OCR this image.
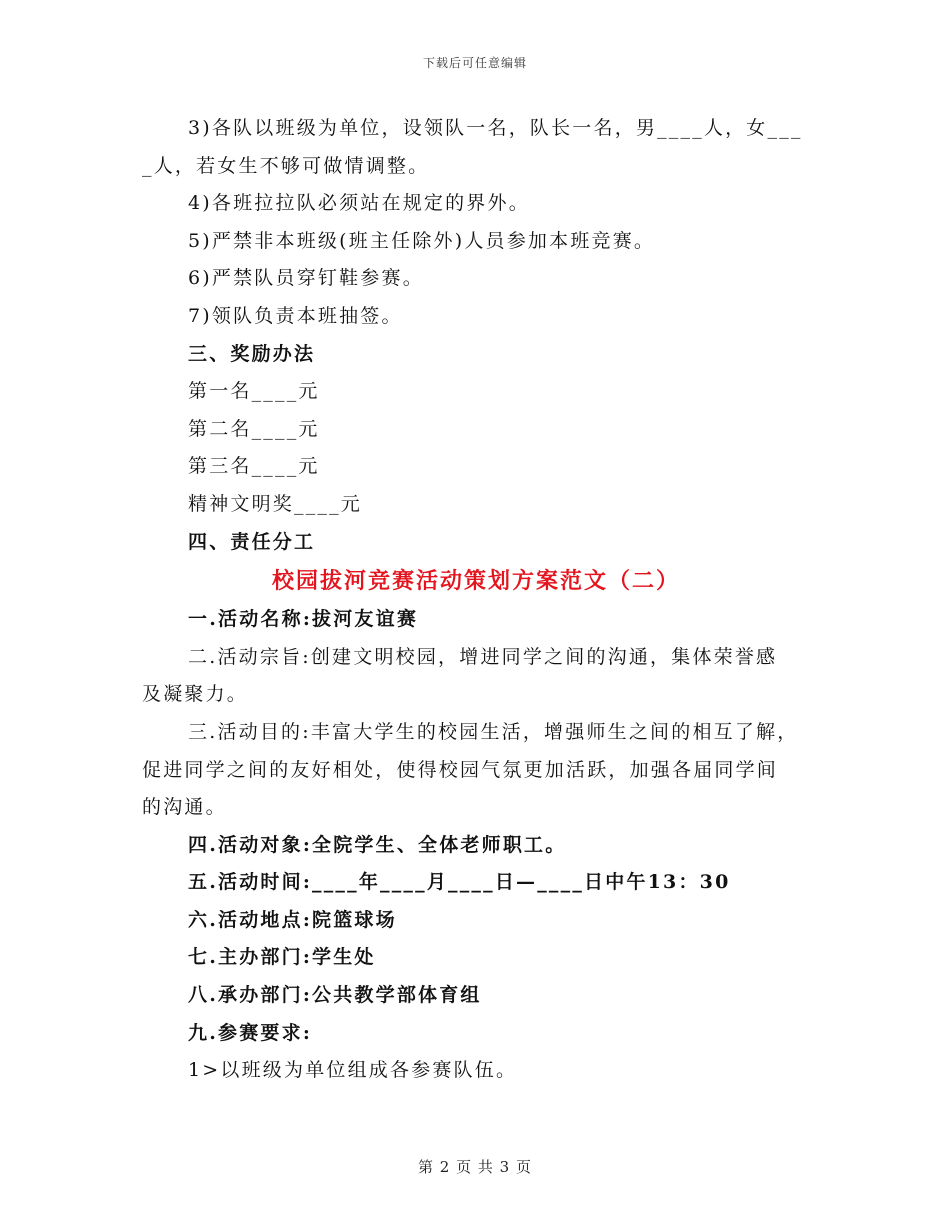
下载后可任意编辑
3)各队以班级为单位，设领队一名，队长一名，男____人，女___
_人，若女生不够可做情调整。
4)各班拉拉队必须站在规定的界外。
5)严禁非本班级(班主任除外)人员参加本班竞赛。
6)严禁队员穿钉鞋参赛。
7)领队负责本班抽签。
三、奖励办法
第一名____元
第二名____元
第三名____元
精神文明奖____元
四、责任分工
校园拔河竞赛活动策划方案范文（二）
一.活动名称:拔河友谊赛
二.活动宗旨:创建文明校园，增进同学之间的沟通，集体荣誉感
及凝聚力。
三.活动目的:丰富大学生的校园生活，增强师生之间的相互了解，
促进同学之间的友好相处，使得校园气氛更加活跃，加强各届同学间
的沟通。
四.活动对象:全院学生、全体老师职工。
五.活动时间:____年____月____日—____日中午13：30
六.活动地点:院篮球场
七.主办部门:学生处
八.承办部门:公共教学部体育组
九.参赛要求:
1>以班级为单位组成各参赛队伍。
第 2 页 共 3 页
